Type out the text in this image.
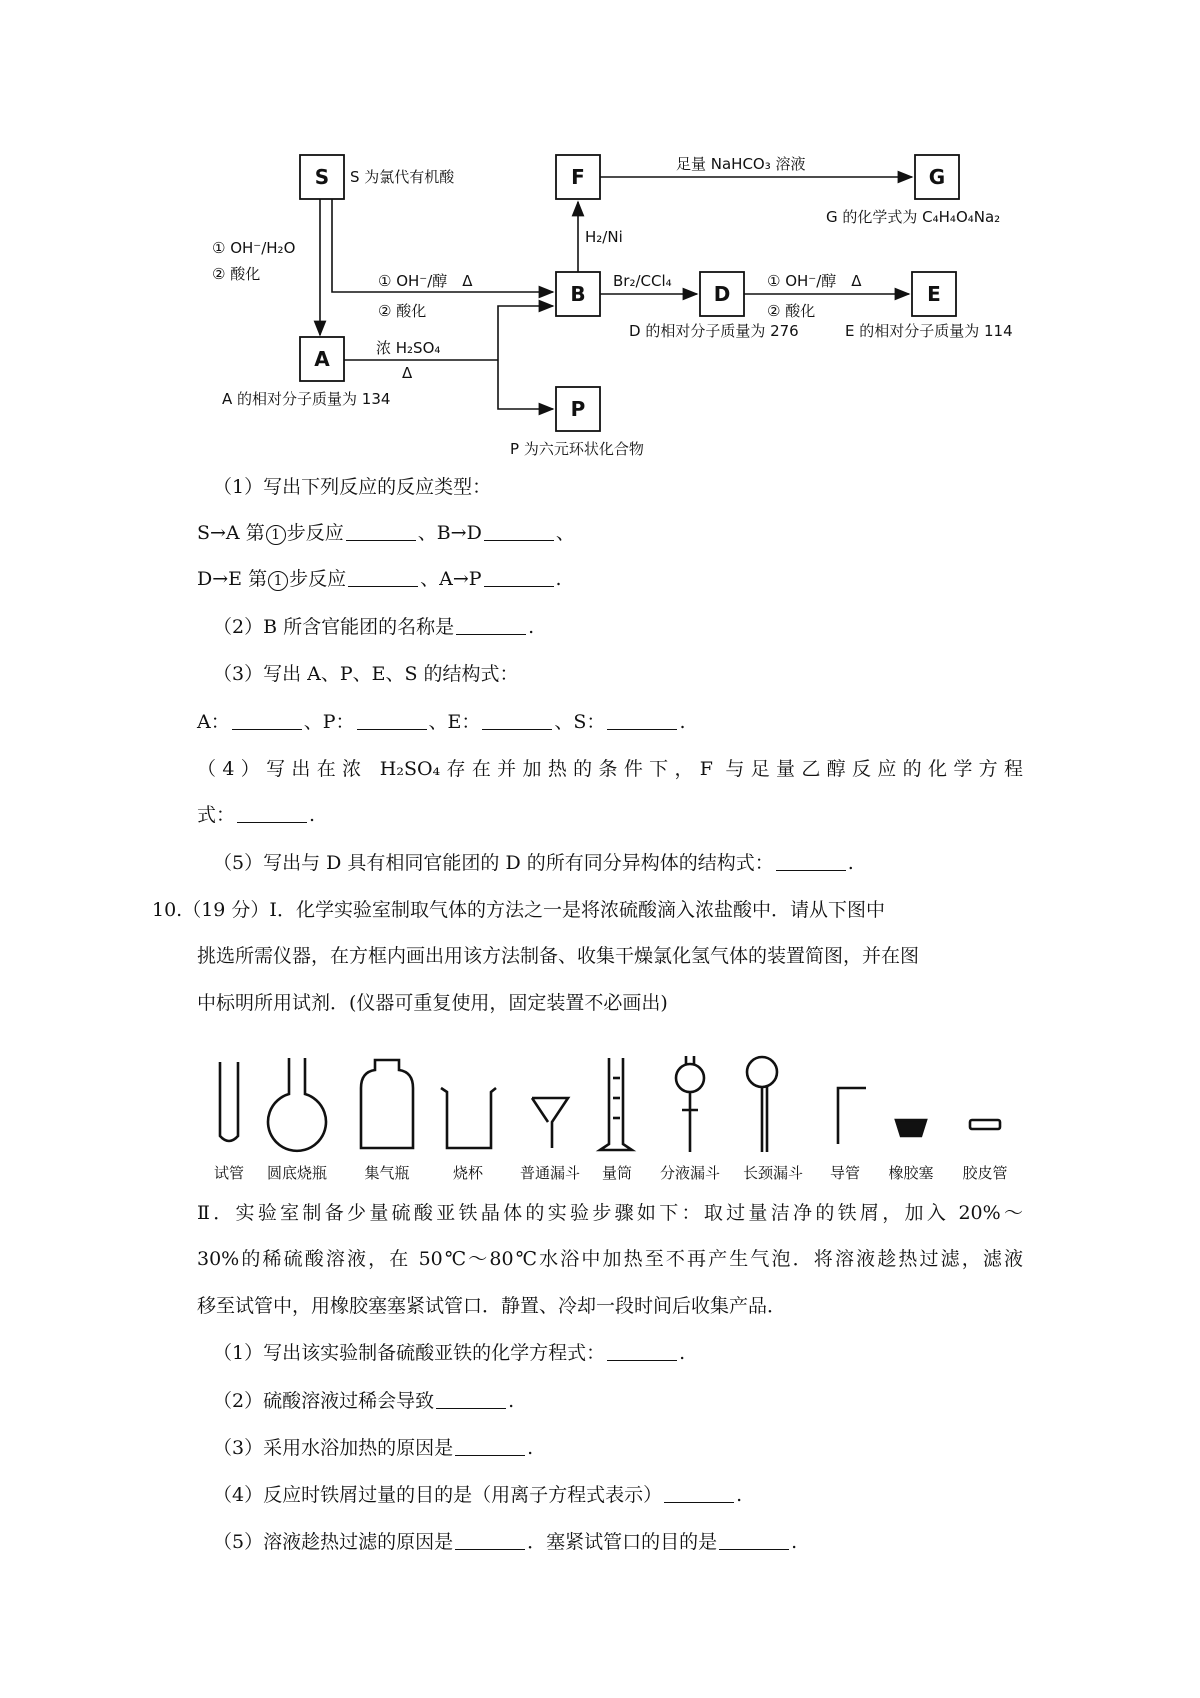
S	F	G
B	D	E
A
P
S 为氯代有机酸
A 的相对分子质量为 134
P 为六元环状化合物
G 的化学式为 C₄H₄O₄Na₂
D 的相对分子质量为 276	E 的相对分子质量为 114
① OH⁻/H₂O
② 酸化	① OH⁻/醇　Δ
② 酸化
浓 H₂SO₄
Δ
H₂/Ni
足量 NaHCO₃ 溶液
Br₂/CCl₄	① OH⁻/醇　Δ
② 酸化
（1）写出下列反应的反应类型：
S→A 第 1 步反应	、B→D	、
D→E 第 1 步反应	、A→P	.
（2）B 所含官能团的名称是	.
（3）写出 A、P、E、S 的结构式：
A：	、P：	、E：	、S：	.
（4）写出在浓 H₂SO₄存在并加热的条件下，F 与足量乙醇反应的化学方程
式：	.
（5）写出与 D 具有相同官能团的 D 的所有同分异构体的结构式：	.
10.（19 分）Ⅰ．化学实验室制取气体的方法之一是将浓硫酸滴入浓盐酸中．请从下图中
挑选所需仪器，在方框内画出用该方法制备、收集干燥氯化氢气体的装置简图，并在图
中标明所用试剂．(仪器可重复使用，固定装置不必画出)
试管 圆底烧瓶 集气瓶	烧杯 普通漏斗 量筒 分液漏斗 长颈漏斗 导管 橡胶塞 胶皮管
Ⅱ．实验室制备少量硫酸亚铁晶体的实验步骤如下：取过量洁净的铁屑，加入 20%～
30%的稀硫酸溶液，在 50℃～80℃水浴中加热至不再产生气泡．将溶液趁热过滤，滤液
移至试管中，用橡胶塞塞紧试管口．静置、冷却一段时间后收集产品．
（1）写出该实验制备硫酸亚铁的化学方程式：	.
（2）硫酸溶液过稀会导致	.
（3）采用水浴加热的原因是	.
（4）反应时铁屑过量的目的是（用离子方程式表示）	.
（5）溶液趁热过滤的原因是	．塞紧试管口的目的是	.
